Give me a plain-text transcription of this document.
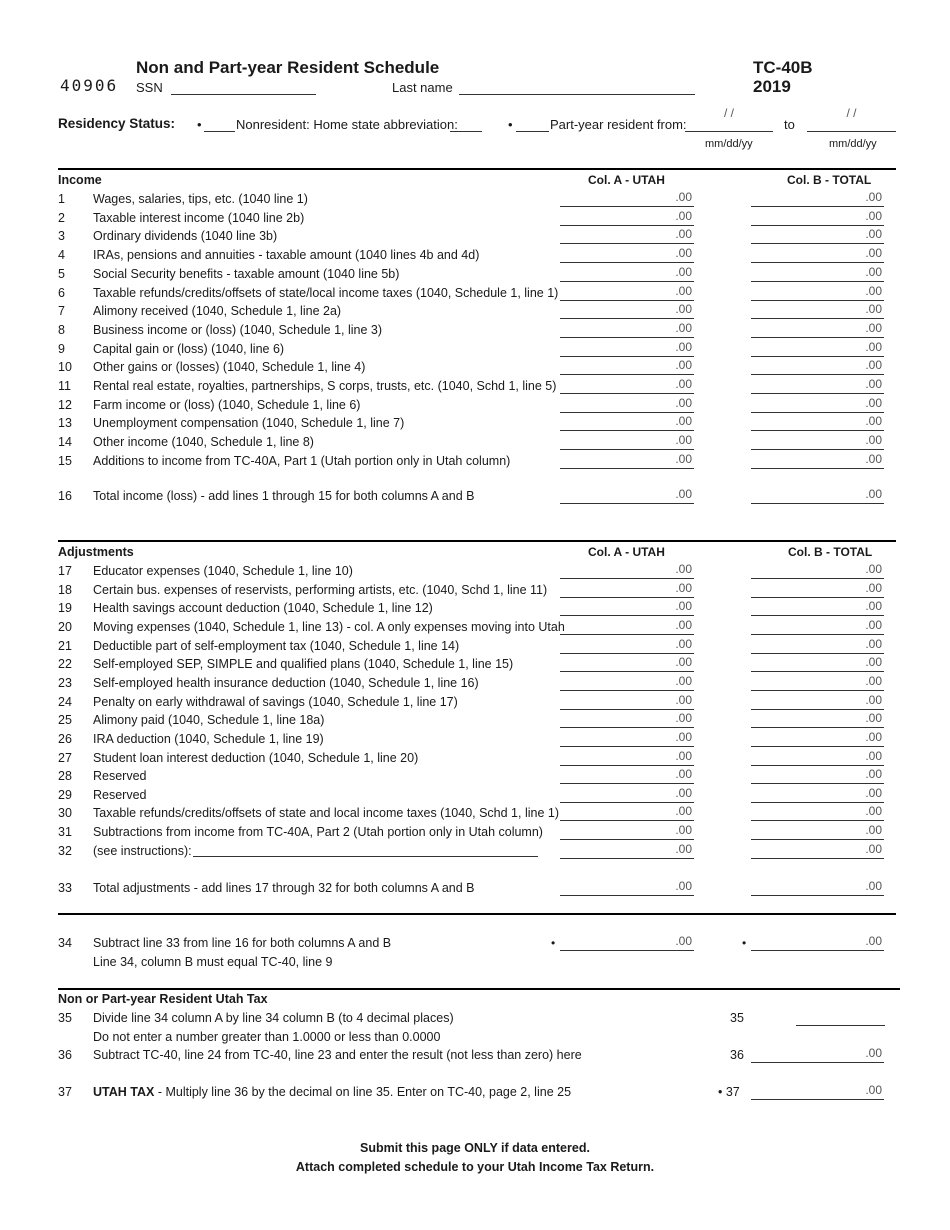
40906
Non and Part-year Resident Schedule	TC-40B
2019
SSN	Last name
Residency Status: •	Nonresident: Home state abbreviation:	•	Part-year resident from:
/ /
to
/ /
mm/dd/yy	mm/dd/yy
Income	Col. A - UTAH	Col. B - TOTAL
1 Wages, salaries, tips, etc. (1040 line 1)	.00	.00
2 Taxable interest income (1040 line 2b)	.00	.00
3 Ordinary dividends (1040 line 3b)	.00	.00
4 IRAs, pensions and annuities - taxable amount (1040 lines 4b and 4d)	.00	.00
5 Social Security benefits - taxable amount (1040 line 5b)	.00	.00
6 Taxable refunds/credits/offsets of state/local income taxes (1040, Schedule 1, line 1)	.00	.00
7 Alimony received (1040, Schedule 1, line 2a)	.00	.00
8 Business income or (loss) (1040, Schedule 1, line 3)	.00	.00
9 Capital gain or (loss) (1040, line 6)	.00	.00
10 Other gains or (losses) (1040, Schedule 1, line 4)	.00	.00
11 Rental real estate, royalties, partnerships, S corps, trusts, etc. (1040, Schd 1, line 5)	.00	.00
12 Farm income or (loss) (1040, Schedule 1, line 6)	.00	.00
13 Unemployment compensation (1040, Schedule 1, line 7)	.00	.00
14 Other income (1040, Schedule 1, line 8)	.00	.00
15 Additions to income from TC-40A, Part 1 (Utah portion only in Utah column)	.00	.00
16 Total income (loss) - add lines 1 through 15 for both columns A and B	.00	.00
Adjustments	Col. A - UTAH	Col. B - TOTAL
17 Educator expenses (1040, Schedule 1, line 10)	.00	.00
18 Certain bus. expenses of reservists, performing artists, etc. (1040, Schd 1, line 11)	.00	.00
19 Health savings account deduction (1040, Schedule 1, line 12)	.00	.00
20 Moving expenses (1040, Schedule 1, line 13) - col. A only expenses moving into Utah	.00	.00
21 Deductible part of self-employment tax (1040, Schedule 1, line 14)	.00	.00
22 Self-employed SEP, SIMPLE and qualified plans (1040, Schedule 1, line 15)	.00	.00
23 Self-employed health insurance deduction (1040, Schedule 1, line 16)	.00	.00
24 Penalty on early withdrawal of savings (1040, Schedule 1, line 17)	.00	.00
25 Alimony paid (1040, Schedule 1, line 18a)	.00	.00
26 IRA deduction (1040, Schedule 1, line 19)	.00	.00
27 Student loan interest deduction (1040, Schedule 1, line 20)	.00	.00
28 Reserved	.00	.00
29 Reserved	.00	.00
30 Taxable refunds/credits/offsets of state and local income taxes (1040, Schd 1, line 1)	.00	.00
31 Subtractions from income from TC-40A, Part 2 (Utah portion only in Utah column)	.00	.00
32 (see instructions):	.00	.00
33 Total adjustments - add lines 17 through 32 for both columns A and B	.00	.00
34 Subtract line 33 from line 16 for both columns A and B	•	.00	•	.00
Line 34, column B must equal TC-40, line 9
Non or Part-year Resident Utah Tax
35 Divide line 34 column A by line 34 column B (to 4 decimal places)	35
Do not enter a number greater than 1.0000 or less than 0.0000
36 Subtract TC-40, line 24 from TC-40, line 23 and enter the result (not less than zero) here	36	.00
37 UTAH TAX - Multiply line 36 by the decimal on line 35. Enter on TC-40, page 2, line 25	• 37	.00
Submit this page ONLY if data entered.
Attach completed schedule to your Utah Income Tax Return.
